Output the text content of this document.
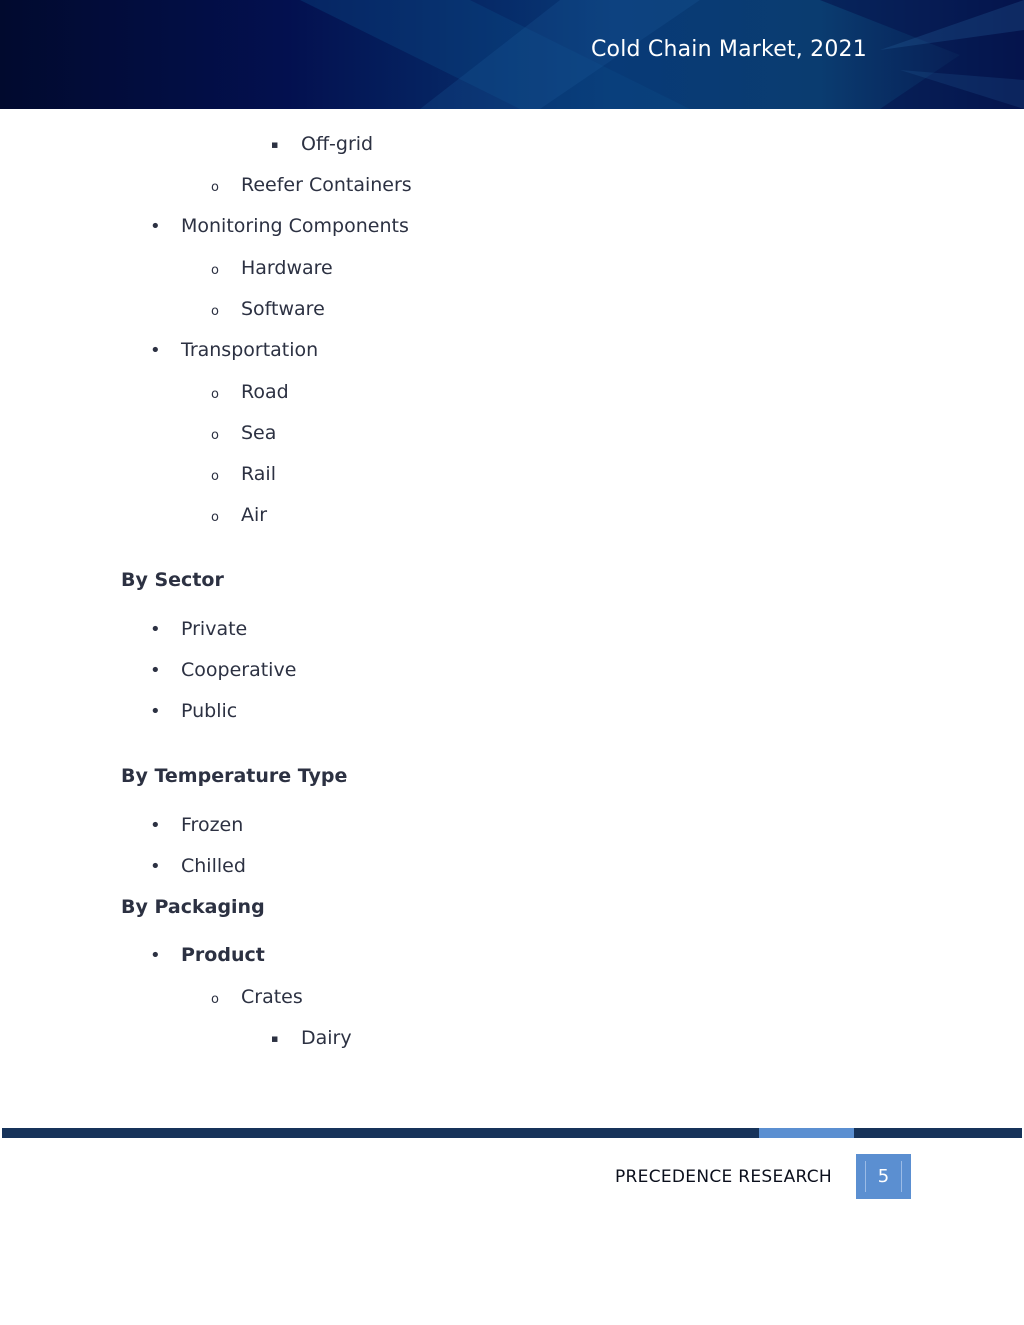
Cold Chain Market, 2021
▪ Off-grid
o Reefer Containers
• Monitoring Components
o Hardware
o Software
• Transportation
o Road
o Sea
o Rail
o Air
By Sector
• Private
• Cooperative
• Public
By Temperature Type
• Frozen
• Chilled
By Packaging
• Product
o Crates
▪ Dairy
PRECEDENCE RESEARCH	5
